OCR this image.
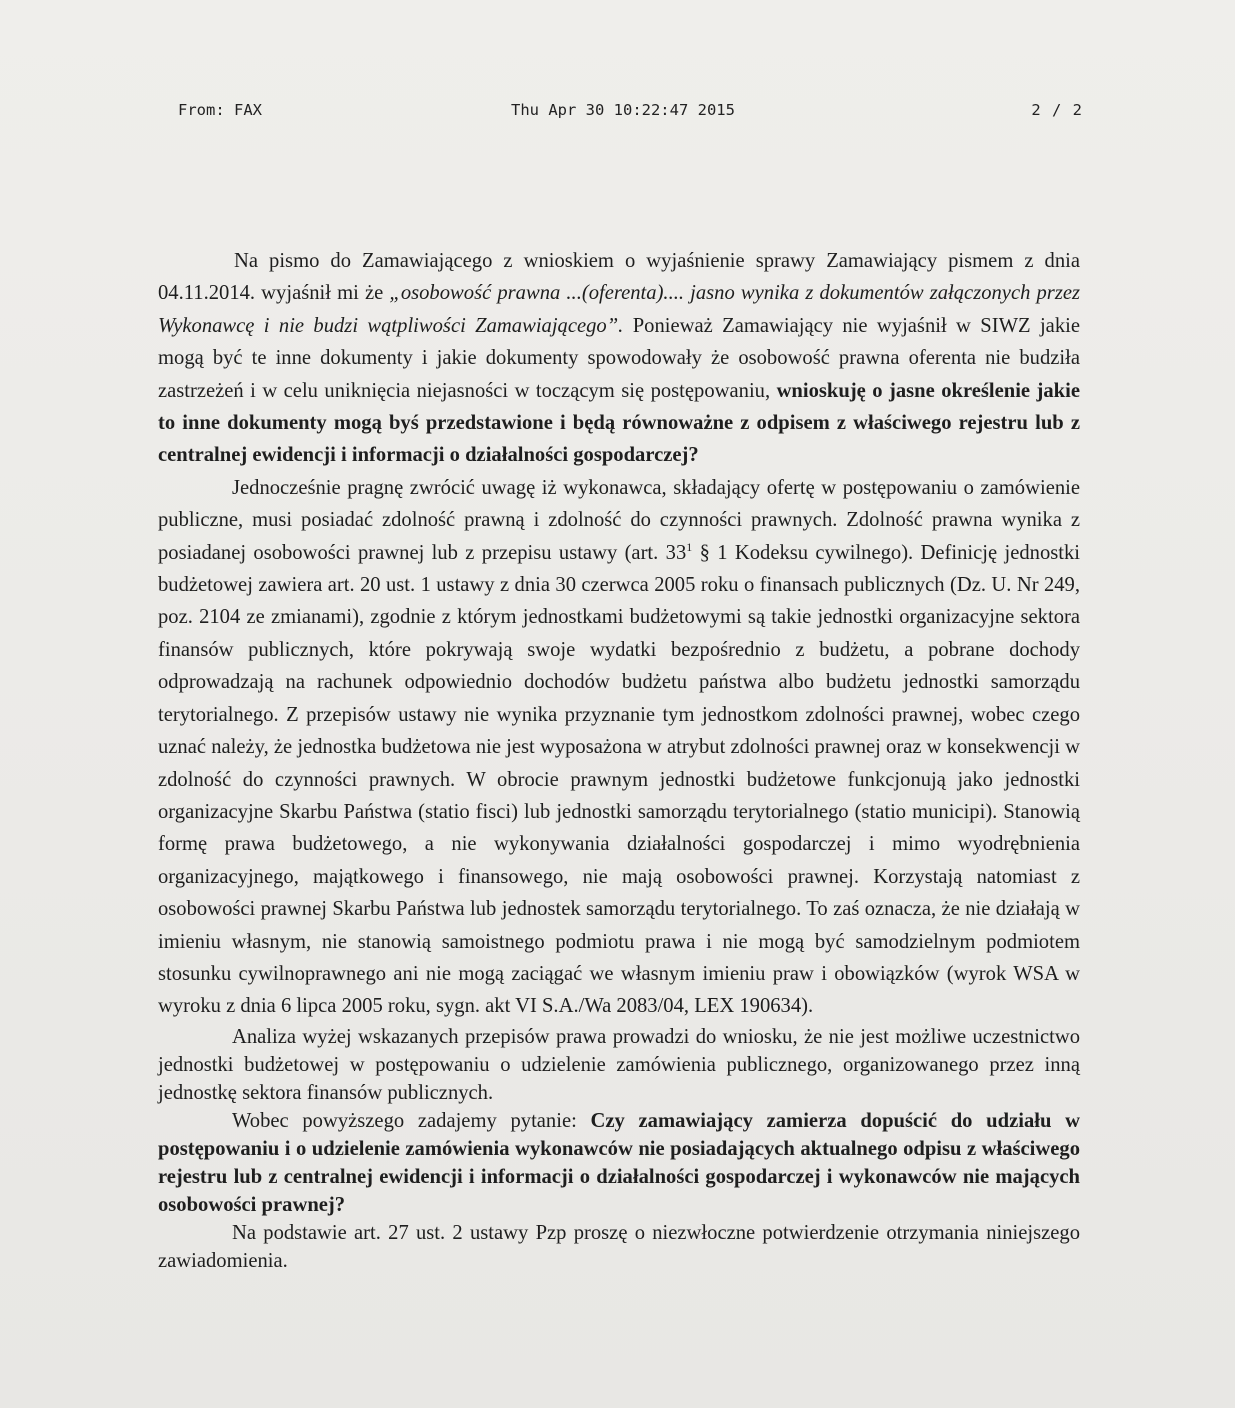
From: FAX	Thu Apr 30 10:22:47 2015	2 / 2

Na pismo do Zamawiającego z wnioskiem o wyjaśnienie sprawy Zamawiający pismem z dnia 04.11.2014. wyjaśnił mi że „osobowość prawna ...(oferenta).... jasno wynika z dokumentów załączonych przez Wykonawcę i nie budzi wątpliwości Zamawiającego”. Ponieważ Zamawiający nie wyjaśnił w SIWZ jakie mogą być te inne dokumenty i jakie dokumenty spowodowały że osobowość prawna oferenta nie budziła zastrzeżeń i w celu uniknięcia niejasności w toczącym się postępowaniu, wnioskuję o jasne określenie jakie to inne dokumenty mogą byś przedstawione i będą równoważne z odpisem z właściwego rejestru lub z centralnej ewidencji i informacji o działalności gospodarczej?

Jednocześnie pragnę zwrócić uwagę iż wykonawca, składający ofertę w postępowaniu o zamówienie publiczne, musi posiadać zdolność prawną i zdolność do czynności prawnych. Zdolność prawna wynika z posiadanej osobowości prawnej lub z przepisu ustawy (art. $33^1$ § 1 Kodeksu cywilnego). Definicję jednostki budżetowej zawiera art. 20 ust. 1 ustawy z dnia 30 czerwca 2005 roku o finansach publicznych (Dz. U. Nr 249, poz. 2104 ze zmianami), zgodnie z którym jednostkami budżetowymi są takie jednostki organizacyjne sektora finansów publicznych, które pokrywają swoje wydatki bezpośrednio z budżetu, a pobrane dochody odprowadzają na rachunek odpowiednio dochodów budżetu państwa albo budżetu jednostki samorządu terytorialnego. Z przepisów ustawy nie wynika przyznanie tym jednostkom zdolności prawnej, wobec czego uznać należy, że jednostka budżetowa nie jest wyposażona w atrybut zdolności prawnej oraz w konsekwencji w zdolność do czynności prawnych. W obrocie prawnym jednostki budżetowe funkcjonują jako jednostki organizacyjne Skarbu Państwa (statio fisci) lub jednostki samorządu terytorialnego (statio municipi). Stanowią formę prawa budżetowego, a nie wykonywania działalności gospodarczej i mimo wyodrębnienia organizacyjnego, majątkowego i finansowego, nie mają osobowości prawnej. Korzystają natomiast z osobowości prawnej Skarbu Państwa lub jednostek samorządu terytorialnego. To zaś oznacza, że nie działają w imieniu własnym, nie stanowią samoistnego podmiotu prawa i nie mogą być samodzielnym podmiotem stosunku cywilnoprawnego ani nie mogą zaciągać we własnym imieniu praw i obowiązków (wyrok WSA w wyroku z dnia 6 lipca 2005 roku, sygn. akt VI S.A./Wa 2083/04, LEX 190634).

Analiza wyżej wskazanych przepisów prawa prowadzi do wniosku, że nie jest możliwe uczestnictwo jednostki budżetowej w postępowaniu o udzielenie zamówienia publicznego, organizowanego przez inną jednostkę sektora finansów publicznych.

Wobec powyższego zadajemy pytanie: Czy zamawiający zamierza dopuścić do udziału w postępowaniu i o udzielenie zamówienia wykonawców nie posiadających aktualnego odpisu z właściwego rejestru lub z centralnej ewidencji i informacji o działalności gospodarczej i wykonawców nie mających osobowości prawnej?

Na podstawie art. 27 ust. 2 ustawy Pzp proszę o niezwłoczne potwierdzenie otrzymania niniejszego zawiadomienia.
